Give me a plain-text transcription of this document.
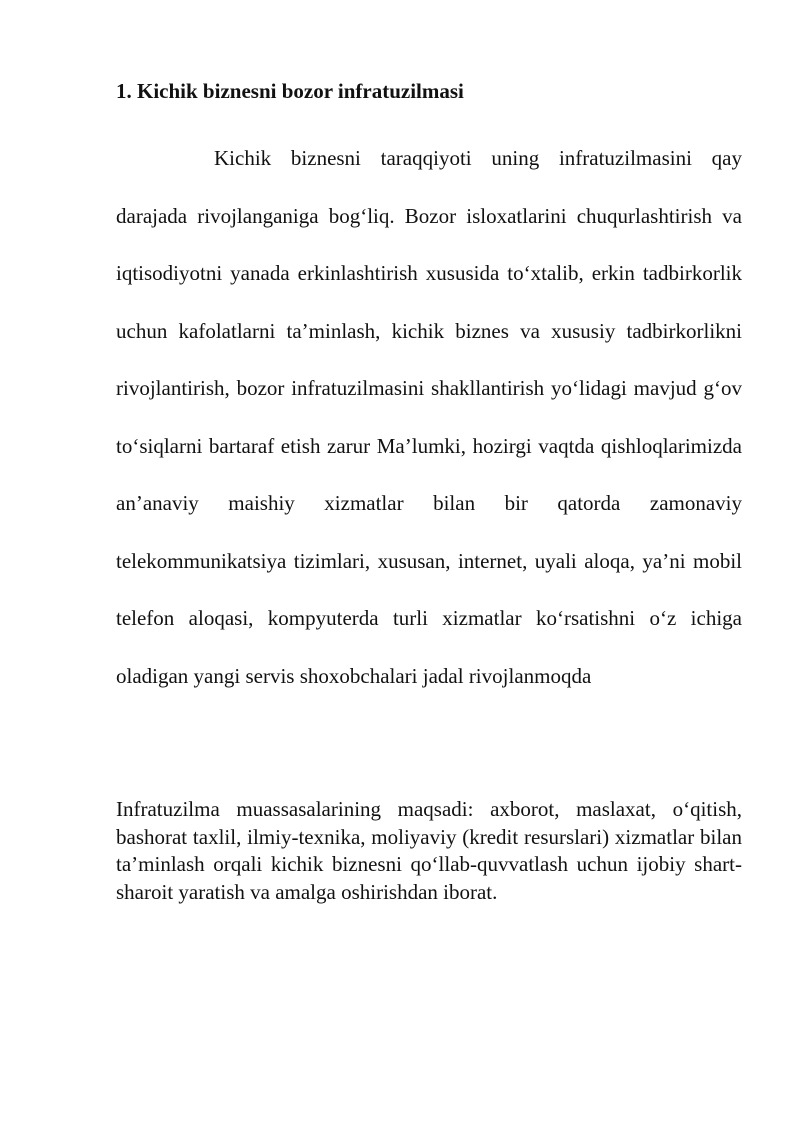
1. Kichik biznesni bozor infratuzilmasi

Kichik biznesni taraqqiyoti uning infratuzilmasini qay darajada rivojlanganiga bog‘liq. Bozor isloxatlarini chuqurlashtirish va iqtisodiyotni yanada erkinlashtirish xususida to‘xtalib, erkin tadbirkorlik uchun kafolatlarni ta’minlash, kichik biznes va xususiy tadbirkorlikni rivojlantirish, bozor infratuzilmasini shakllantirish yo‘lidagi mavjud g‘ov to‘siqlarni bartaraf etish zarur Ma’lumki, hozirgi vaqtda qishloqlarimizda an’anaviy maishiy xizmatlar bilan bir qatorda zamonaviy telekommunikatsiya tizimlari, xususan, internet, uyali aloqa, ya’ni mobil telefon aloqasi, kompyuterda turli xizmatlar ko‘rsatishni o‘z ichiga oladigan yangi servis shoxobchalari jadal rivojlanmoqda

Infratuzilma muassasalarining maqsadi: axborot, maslaxat, o‘qitish, bashorat taxlil, ilmiy-texnika, moliyaviy (kredit resurslari) xizmatlar bilan ta’minlash orqali kichik biznesni qo‘llab-quvvatlash uchun ijobiy shart-sharoit yaratish va amalga oshirishdan iborat.
